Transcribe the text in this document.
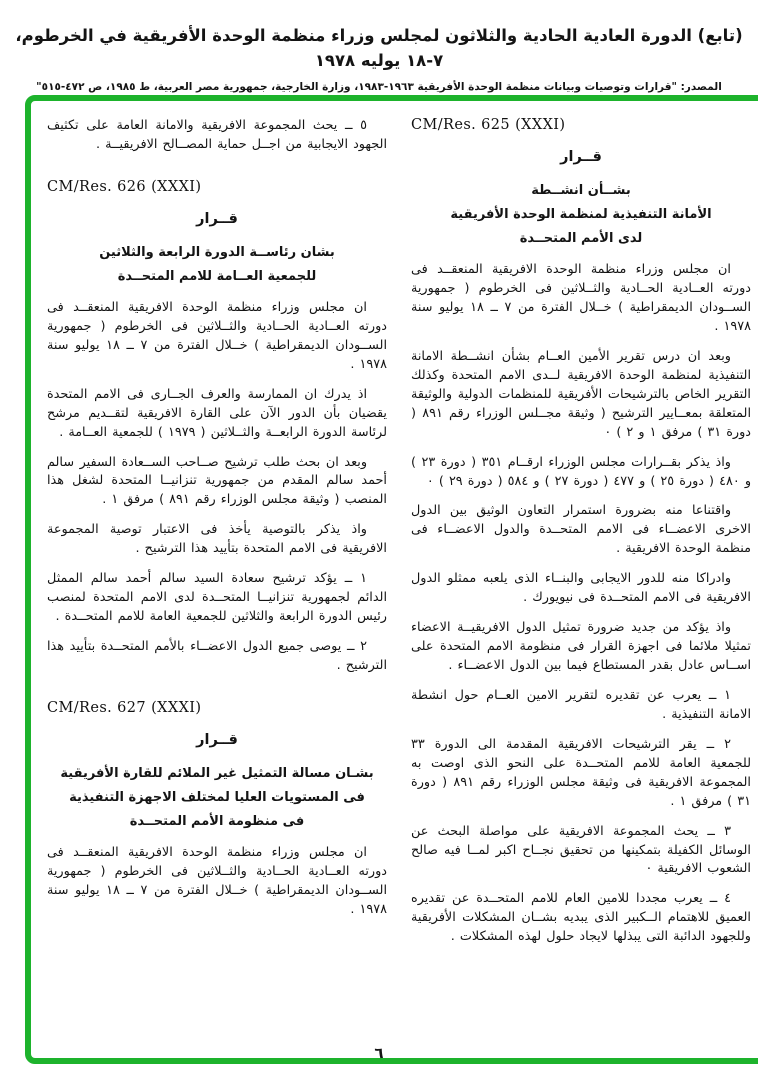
(تابع) الدورة العادية الحادية والثلاثون لمجلس وزراء منظمة الوحدة الأفريقية في الخرطوم، ٧-١٨ يوليه ١٩٧٨
المصدر: "قرارات وتوصيات وبيانات منظمة الوحدة الأفريقية ١٩٦٣-١٩٨٣، وزارة الخارجية، جمهورية مصر العربية، ط ١٩٨٥، ص ٤٧٢-٥١٥"
CM/Res. 625 (XXXI)
قــرار
بشــأن انشــطة
الأمانة التنفيذية لمنظمة الوحدة الأفريقية
لدى الأمم المتحــدة
ان مجلس وزراء منظمة الوحدة الافريقية المنعقــد فى دورته العــادية الحــادية والثــلاثين فى الخرطوم ( جمهورية الســودان الديمقراطية ) خــلال الفترة من ٧ ــ ١٨ يوليو سنة ١٩٧٨ .
وبعد ان درس تقرير الأمين العــام بشأن انشــطة الامانة التنفيذية لمنظمة الوحدة الافريقية لــدى الامم المتحدة وكذلك التقرير الخاص بالترشيحات الأفريقية للمنظمات الدولية والوثيقة المتعلقة بمعــايير الترشيح ( وثيقة مجــلس الوزراء رقم ٨٩١ ( دورة ٣١ ) مرفق ١ و ٢ ) ٠
واذ يذكر بقــرارات مجلس الوزراء ارقــام ٣٥١ ( دورة ٢٣ ) و ٤٨٠ ( دورة ٢٥ ) و ٤٧٧ ( دورة ٢٧ ) و ٥٨٤ ( دورة ٢٩ ) ٠
واقتناعا منه بضرورة استمرار التعاون الوثيق بين الدول الاخرى الاعضــاء فى الامم المتحــدة والدول الاعضــاء فى منظمة الوحدة الافريقية .
وادراكا منه للدور الايجابى والبنــاء الذى يلعبه ممثلو الدول الافريقية فى الامم المتحــدة فى نيويورك .
واذ يؤكد من جديد ضرورة تمثيل الدول الافريقيــة الاعضاء تمثيلا ملائما فى اجهزة القرار فى منظومة الامم المتحدة على اســاس عادل بقدر المستطاع فيما بين الدول الاعضــاء .
١ ــ يعرب عن تقديره لتقرير الامين العــام حول انشطة الامانة التنفيذية .
٢ ــ يقر الترشيحات الافريقية المقدمة الى الدورة ٣٣ للجمعية العامة للامم المتحــدة على النحو الذى اوصت به المجموعة الافريقية فى وثيقة مجلس الوزراء رقم ٨٩١ ( دورة ٣١ ) مرفق ١ .
٣ ــ يحث المجموعة الافريقية على مواصلة البحث عن الوسائل الكفيلة بتمكينها من تحقيق نجــاح اكبر لمــا فيه صالح الشعوب الافريقية ٠
٤ ــ يعرب مجددا للامين العام للامم المتحــدة عن تقديره العميق للاهتمام الــكبير الذى يبديه بشــان المشكلات الأفريقية وللجهود الدائبة التى يبذلها لايجاد حلول لهذه المشكلات .
٥ ــ يحث المجموعة الافريقية والامانة العامة على تكثيف الجهود الايجابية من اجــل حماية المصــالح الافريقيــة .
CM/Res. 626 (XXXI)
قــرار
بشان رئاســة الدورة الرابعة والثلاثين
للجمعية العــامة للامم المتحــدة
ان مجلس وزراء منظمة الوحدة الافريقية المنعقــد فى دورته العــادية الحــادية والثــلاثين فى الخرطوم ( جمهورية الســودان الديمقراطية ) خــلال الفترة من ٧ ــ ١٨ يوليو سنة ١٩٧٨ .
اذ يدرك ان الممارسة والعرف الجــارى فى الامم المتحدة يقضيان بأن الدور الآن على القارة الافريقية لتقــديم مرشح لرئاسة الدورة الرابعــة والثــلاثين ( ١٩٧٩ ) للجمعية العــامة .
وبعد ان بحث طلب ترشيح صــاحب الســعادة السفير سالم أحمد سالم المقدم من جمهورية تنزانيــا المتحدة لشغل هذا المنصب ( وثيقة مجلس الوزراء رقم ٨٩١ ) مرفق ١ .
واذ يذكر بالتوصية يأخذ فى الاعتبار توصية المجموعة الافريقية فى الامم المتحدة بتأييد هذا الترشيح .
١ ــ يؤكد ترشيح سعادة السيد سالم أحمد سالم الممثل الدائم لجمهورية تنزانيــا المتحــدة لدى الامم المتحدة لمنصب رئيس الدورة الرابعة والثلاثين للجمعية العامة للامم المتحــدة .
٢ ــ يوصى جميع الدول الاعضــاء بالأمم المتحــدة بتأييد هذا الترشيح .
CM/Res. 627 (XXXI)
قــرار
بشـان مسالة التمثيل غير الملائم للقارة الأفريقية
فى المستويات العليا لمختلف الاجهزة التنفيذية
فى منظومة الأمم المتحــدة
ان مجلس وزراء منظمة الوحدة الافريقية المنعقــد فى دورته العــادية الحــادية والثــلاثين فى الخرطوم ( جمهورية الســودان الديمقراطية ) خــلال الفترة من ٧ ــ ١٨ يوليو سنة ١٩٧٨ .
٦
